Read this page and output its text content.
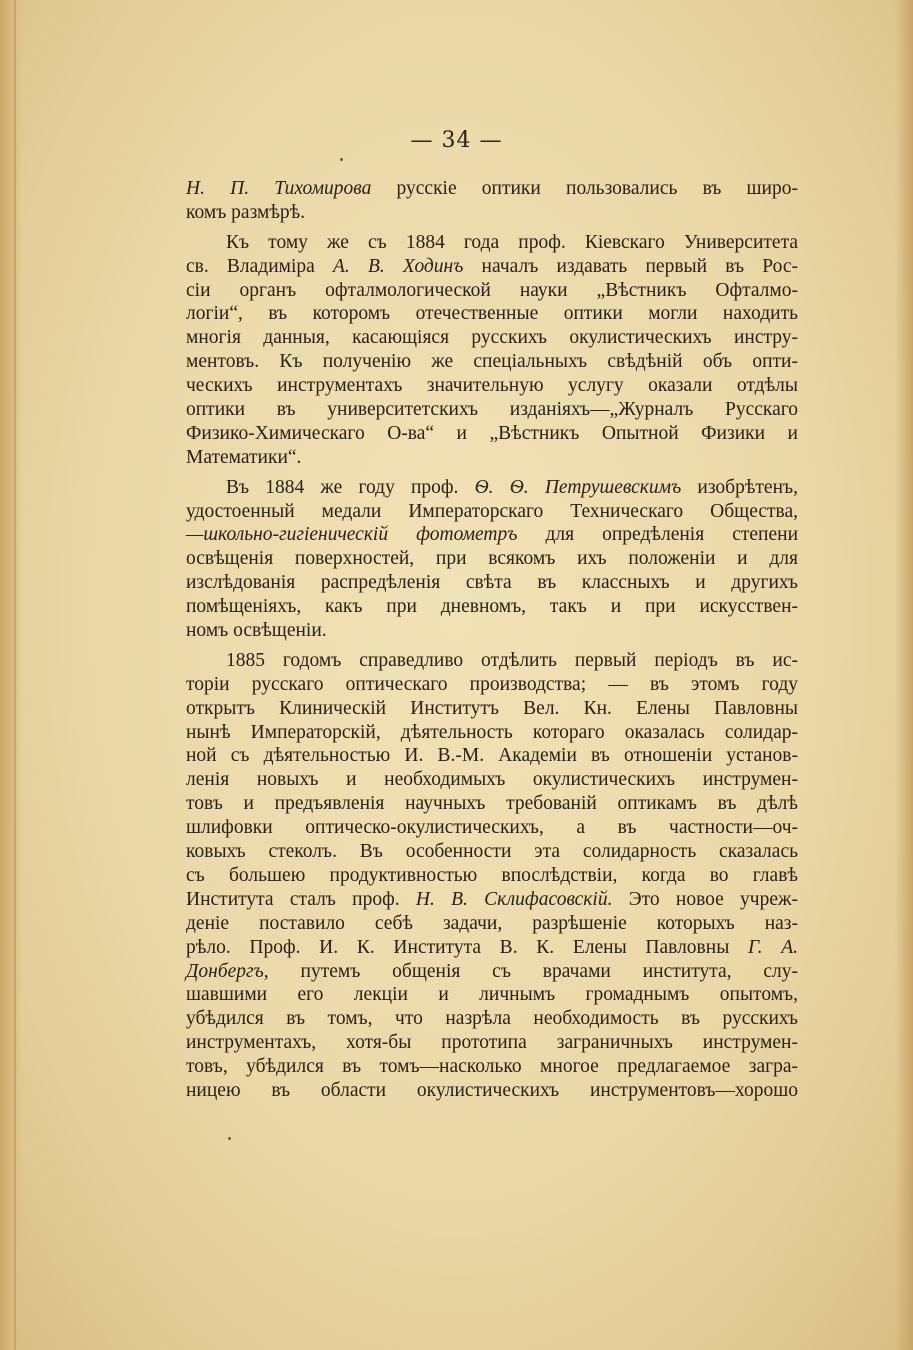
— 34 —
Н. П. Тихомирова русскіе оптики пользовались въ широ-
комъ размѣрѣ.
Къ тому же съ 1884 года проф. Кіевскаго Университета
св. Владиміра А. В. Ходинъ началъ издавать первый въ Рос-
сіи органъ офталмологической науки „Вѣстникъ Офталмо-
логіи“, въ которомъ отечественные оптики могли находить
многія данныя, касающіяся русскихъ окулистическихъ инстру-
ментовъ. Къ полученію же спеціальныхъ свѣдѣній объ опти-
ческихъ инструментахъ значительную услугу оказали отдѣлы
оптики въ университетскихъ изданіяхъ—„Журналъ Русскаго
Физико-Химическаго О-ва“ и „Вѣстникъ Опытной Физики и
Математики“.
Въ 1884 же году проф. Ѳ. Ѳ. Петрушевскимъ изобрѣтенъ,
удостоенный медали Императорскаго Техническаго Общества,
—школьно-гигіеническій фотометръ для опредѣленія степени
освѣщенія поверхностей, при всякомъ ихъ положеніи и для
изслѣдованія распредѣленія свѣта въ классныхъ и другихъ
помѣщеніяхъ, какъ при дневномъ, такъ и при искусствен-
номъ освѣщеніи.
1885 годомъ справедливо отдѣлить первый періодъ въ ис-
торіи русскаго оптическаго производства; — въ этомъ году
открытъ Клиническій Институтъ Вел. Кн. Елены Павловны
нынѣ Императорскій, дѣятельность котораго оказалась солидар-
ной съ дѣятельностью И. В.-М. Академіи въ отношеніи установ-
ленія новыхъ и необходимыхъ окулистическихъ инструмен-
товъ и предъявленія научныхъ требованій оптикамъ въ дѣлѣ
шлифовки оптическо-окулистическихъ, а въ частности—оч-
ковыхъ стеколъ. Въ особенности эта солидарность сказалась
съ большею продуктивностью впослѣдствіи, когда во главѣ
Института сталъ проф. Н. В. Склифасовскій. Это новое учреж-
деніе поставило себѣ задачи, разрѣшеніе которыхъ наз-
рѣло. Проф. И. К. Института В. К. Елены Павловны Г. А.
Донбергъ, путемъ общенія съ врачами института, слу-
шавшими его лекціи и личнымъ громаднымъ опытомъ,
убѣдился въ томъ, что назрѣла необходимость въ русскихъ
инструментахъ, хотя-бы прототипа заграничныхъ инструмен-
товъ, убѣдился въ томъ—насколько многое предлагаемое загра-
ницею въ области окулистическихъ инструментовъ—хорошо
